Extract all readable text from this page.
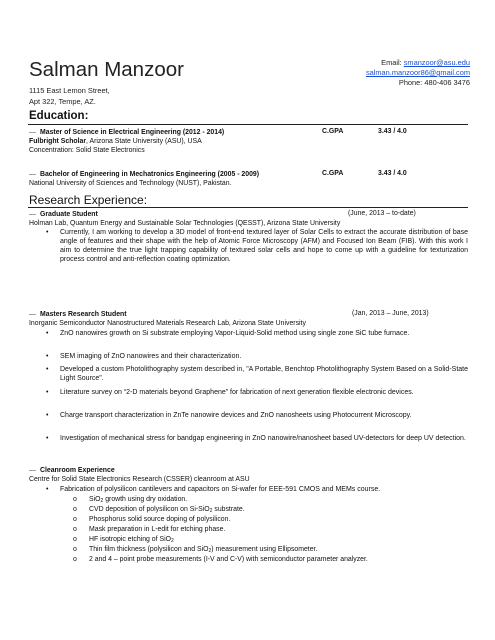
Salman Manzoor
1115 East Lemon Street,
Apt 322, Tempe, AZ.
Email: smanzoor@asu.edu
salman.manzoor86@gmail.com
Phone: 480-406 3476
Education:
— Master of Science in Electrical Engineering (2012 - 2014)	C.GPA	3.43 / 4.0
Fulbright Scholar, Arizona State University (ASU), USA
Concentration: Solid State Electronics
— Bachelor of Engineering in Mechatronics Engineering (2005 - 2009)	C.GPA	3.43 / 4.0
National University of Sciences and Technology (NUST), Pakistan.
Research Experience:
— Graduate Student	(June, 2013 – to-date)
Holman Lab, Quantum Energy and Sustainable Solar Technologies (QESST), Arizona State University
• Currently, I am working to develop a 3D model of front-end textured layer of Solar Cells to extract the accurate distribution of base angle of features and their shape with the help of Atomic Force Microscopy (AFM) and Focused Ion Beam (FIB). With this work I aim to determine the true light trapping capability of textured solar cells and hope to come up with a guideline for texturization process control and anti-reflection coating optimization.
— Masters Research Student	(Jan, 2013 – June, 2013)
Inorganic Semiconductor Nanostructured Materials Research Lab, Arizona State University
• ZnO nanowires growth on Si substrate employing Vapor-Liquid-Solid method using single zone SiC tube furnace.
• SEM imaging of ZnO nanowires and their characterization.
• Developed a custom Photolithography system described in, "A Portable, Benchtop Photolithography System Based on a Solid-State Light Source".
• Literature survey on “2-D materials beyond Graphene” for fabrication of next generation flexible electronic devices.
• Charge transport characterization in ZnTe nanowire devices and ZnO nanosheets using Photocurrent Microscopy.
• Investigation of mechanical stress for bandgap engineering in ZnO nanowire/nanosheet based UV-detectors for deep UV detection.
— Cleanroom Experience
Centre for Solid State Electronics Research (CSSER) cleanroom at ASU
• Fabrication of polysilicon cantilevers and capacitors on Si-wafer for EEE-591 CMOS and MEMs course.
o SiO2 growth using dry oxidation.
o CVD deposition of polysilicon on Si-SiO2 substrate.
o Phosphorus solid source doping of polysilicon.
o Mask preparation in L-edit for etching phase.
o HF isotropic etching of SiO2
o Thin film thickness (polysilicon and SiO2) measurement using Ellipsometer.
o 2 and 4 – point probe measurements (I-V and C-V) with semiconductor parameter analyzer.
